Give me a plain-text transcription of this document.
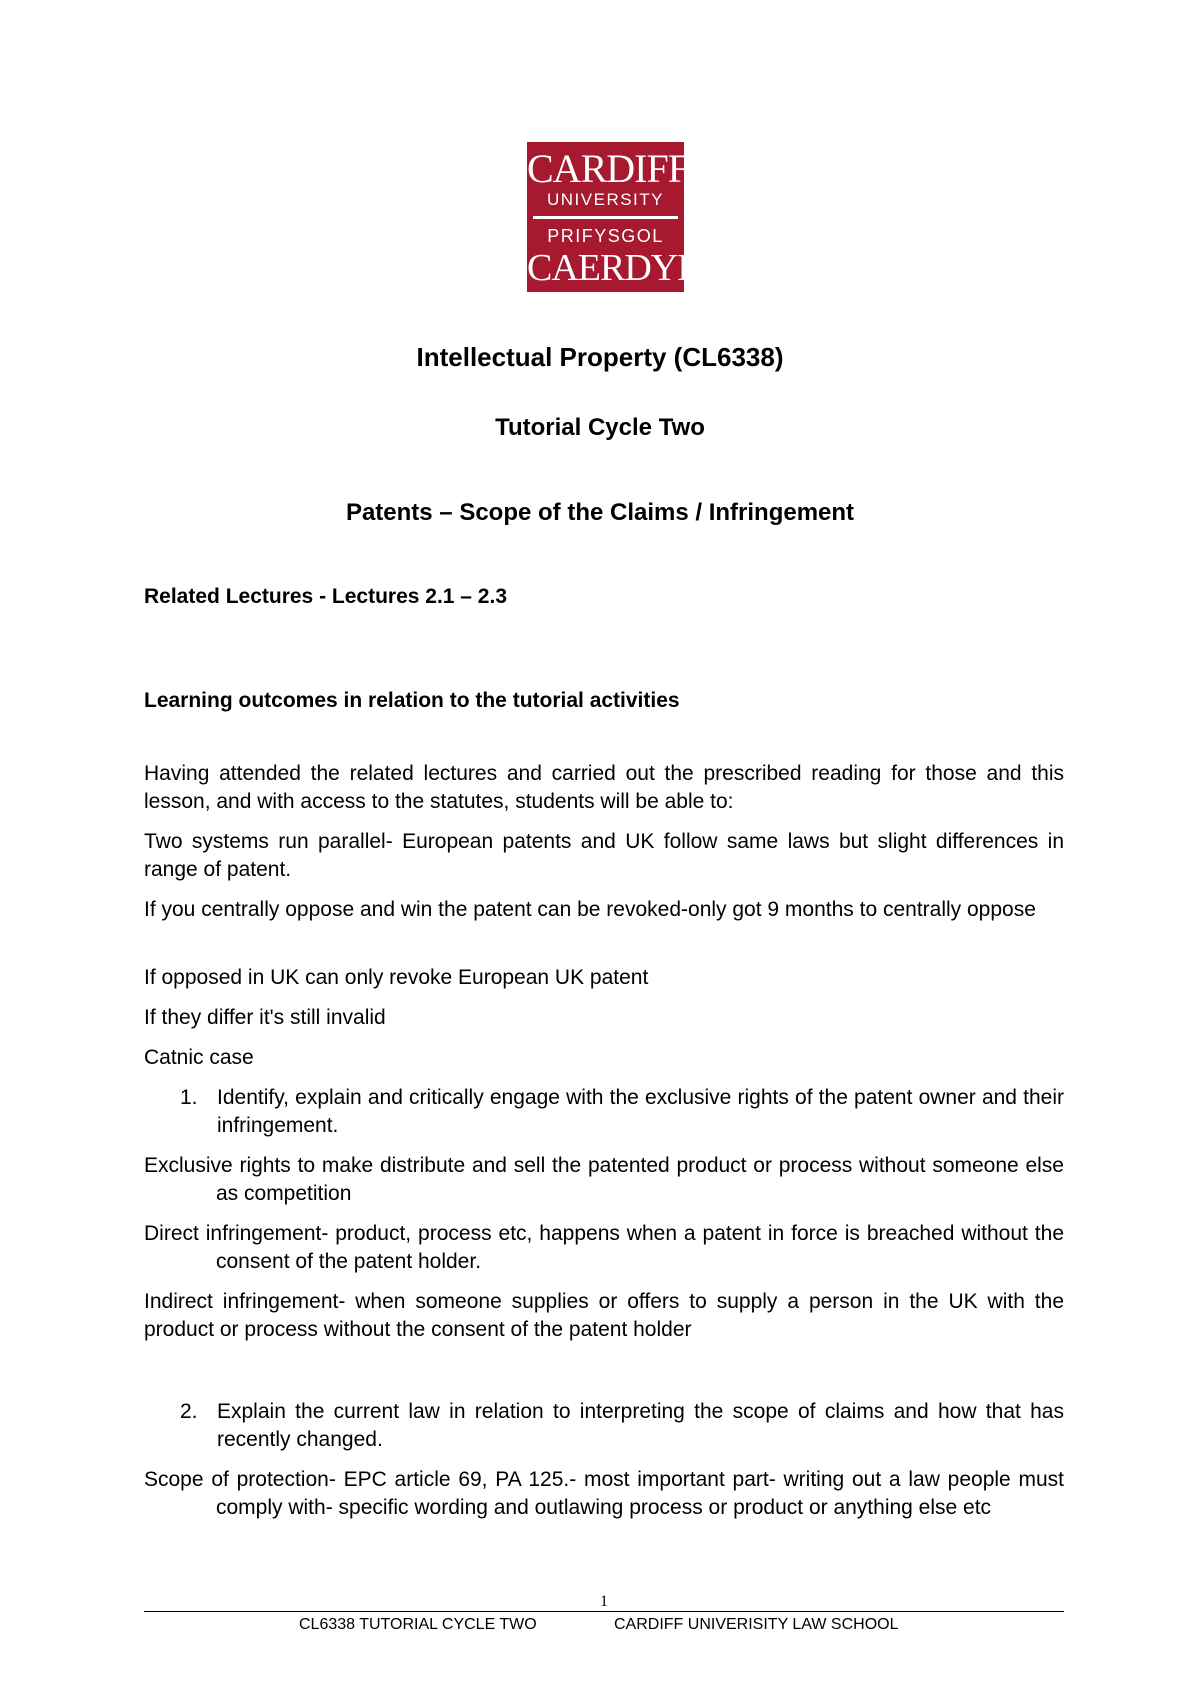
CARDIFF
UNIVERSITY
PRIFYSGOL
CAERDYDD
Intellectual Property (CL6338)
Tutorial Cycle Two
Patents – Scope of the Claims / Infringement
Related Lectures - Lectures 2.1 – 2.3
Learning outcomes in relation to the tutorial activities
Having attended the related lectures and carried out the prescribed reading for those and this lesson, and with access to the statutes, students will be able to:
Two systems run parallel- European patents and UK follow same laws but slight differences in range of patent.
If you centrally oppose and win the patent can be revoked-only got 9 months to centrally oppose
If opposed in UK can only revoke European UK patent
If they differ it's still invalid
Catnic case
1. Identify, explain and critically engage with the exclusive rights of the patent owner and their infringement.
Exclusive rights to make distribute and sell the patented product or process without someone else as competition
Direct infringement- product, process etc, happens when a patent in force is breached without the consent of the patent holder.
Indirect infringement- when someone supplies or offers to supply a person in the UK with the product or process without the consent of the patent holder
2. Explain the current law in relation to interpreting the scope of claims and how that has recently changed.
Scope of protection- EPC article 69, PA 125.- most important part- writing out a law people must comply with- specific wording and outlawing process or product or anything else etc
1
CL6338 TUTORIAL CYCLE TWO	CARDIFF UNIVERISITY LAW SCHOOL
